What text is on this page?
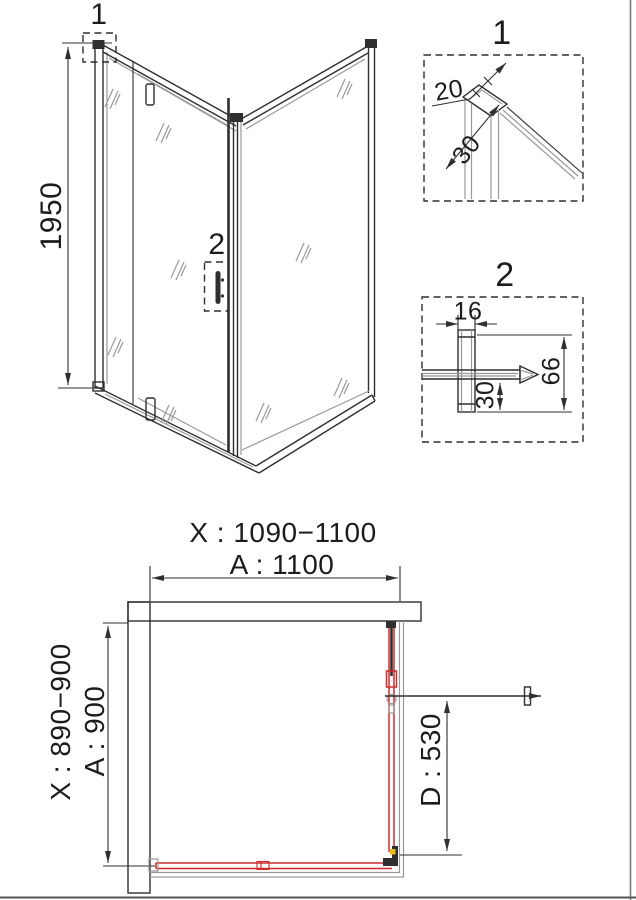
1950
1
2
1
20
30
2
16
30
66
X : 1090−1100
A : 1100
X : 890−900 A : 900	D : 530
